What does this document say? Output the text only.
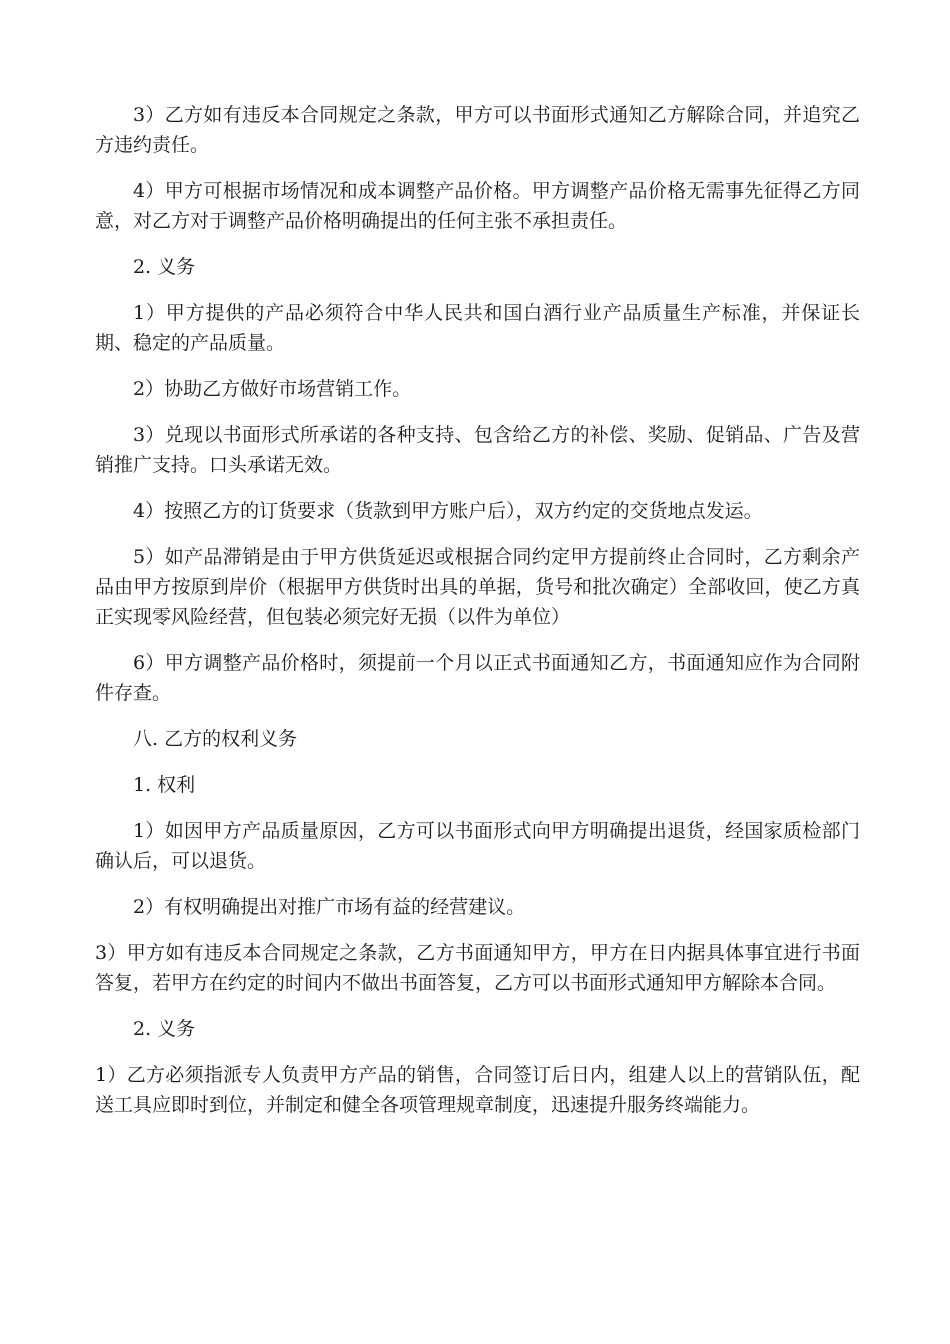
3）乙方如有违反本合同规定之条款，甲方可以书面形式通知乙方解除合同，并追究乙方违约责任。

4）甲方可根据市场情况和成本调整产品价格。甲方调整产品价格无需事先征得乙方同意，对乙方对于调整产品价格明确提出的任何主张不承担责任。

2. 义务

1）甲方提供的产品必须符合中华人民共和国白酒行业产品质量生产标准，并保证长期、稳定的产品质量。

2）协助乙方做好市场营销工作。

3）兑现以书面形式所承诺的各种支持、包含给乙方的补偿、奖励、促销品、广告及营销推广支持。口头承诺无效。

4）按照乙方的订货要求（货款到甲方账户后），双方约定的交货地点发运。

5）如产品滞销是由于甲方供货延迟或根据合同约定甲方提前终止合同时，乙方剩余产品由甲方按原到岸价（根据甲方供货时出具的单据，货号和批次确定）全部收回，使乙方真正实现零风险经营，但包装必须完好无损（以件为单位）

6）甲方调整产品价格时，须提前一个月以正式书面通知乙方，书面通知应作为合同附件存查。

八. 乙方的权利义务

1. 权利

1）如因甲方产品质量原因，乙方可以书面形式向甲方明确提出退货，经国家质检部门确认后，可以退货。

2）有权明确提出对推广市场有益的经营建议。

3）甲方如有违反本合同规定之条款，乙方书面通知甲方，甲方在日内据具体事宜进行书面答复，若甲方在约定的时间内不做出书面答复，乙方可以书面形式通知甲方解除本合同。

2. 义务

1）乙方必须指派专人负责甲方产品的销售，合同签订后日内，组建人以上的营销队伍，配送工具应即时到位，并制定和健全各项管理规章制度，迅速提升服务终端能力。
